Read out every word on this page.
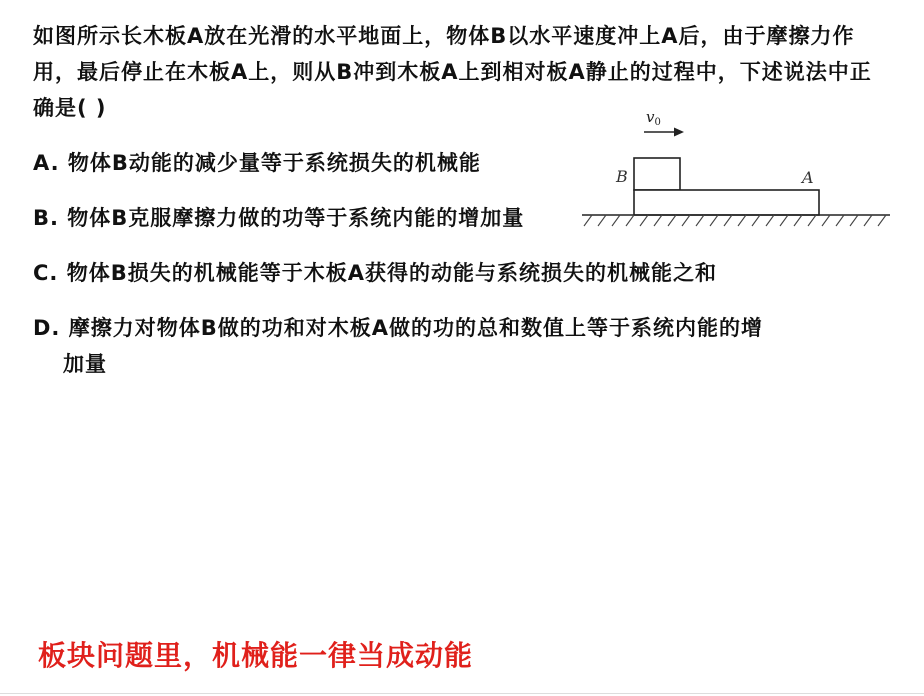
如图所示长木板A放在光滑的水平地面上，物体B以水平速度冲上A后，由于摩擦力作用，最后停止在木板A上，则从B冲到木板A上到相对板A静止的过程中，下述说法中正确是( )
A. 物体B动能的减少量等于系统损失的机械能
B. 物体B克服摩擦力做的功等于系统内能的增加量
C. 物体B损失的机械能等于木板A获得的动能与系统损失的机械能之和
D. 摩擦力对物体B做的功和对木板A做的功的总和数值上等于系统内能的增
加量
$v_0$
B	A
板块问题里，机械能一律当成动能
